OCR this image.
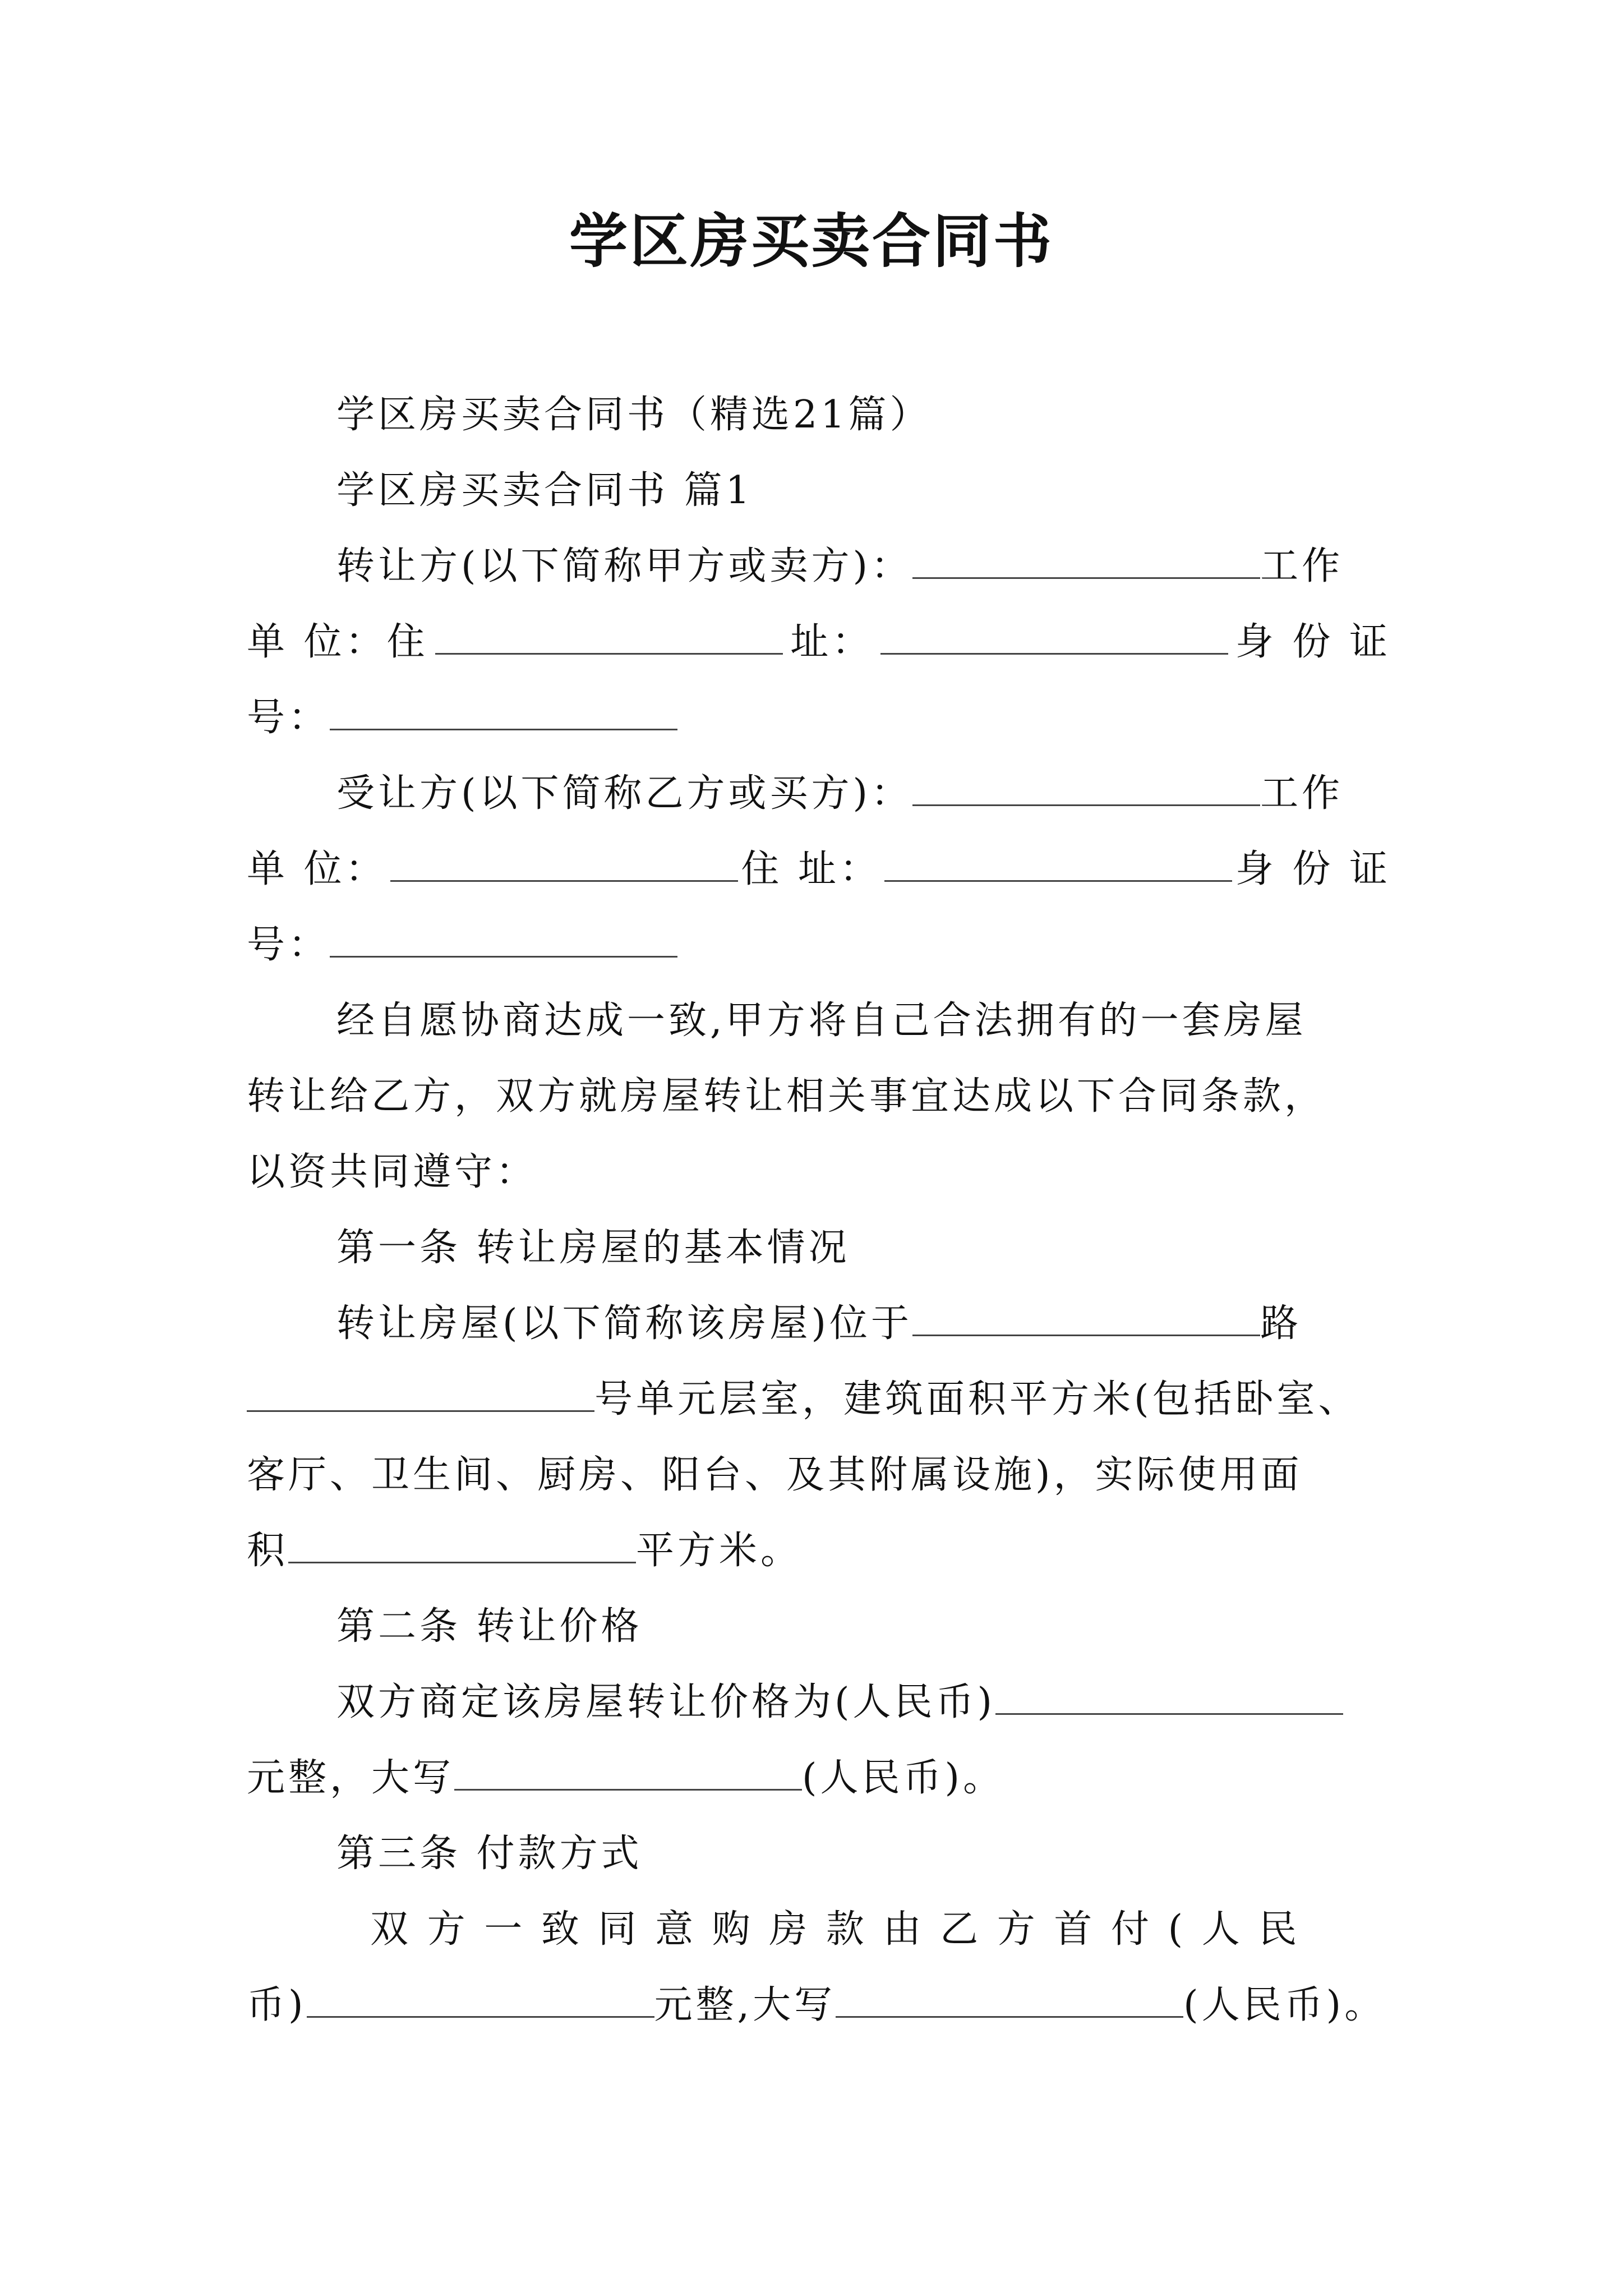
学区房买卖合同书
学区房买卖合同书（精选21篇）
学区房买卖合同书 篇1
转让方(以下简称甲方或卖方)：	工作
单 位：住	址：	身 份 证
号：
受让方(以下简称乙方或买方)：	工作
单 位：	住 址：	身 份 证
号：
经自愿协商达成一致,甲方将自己合法拥有的一套房屋
转让给乙方，双方就房屋转让相关事宜达成以下合同条款，
以资共同遵守：
第一条 转让房屋的基本情况
转让房屋(以下简称该房屋)位于	路
号单元层室，建筑面积平方米(包括卧室、
客厅、卫生间、厨房、阳台、及其附属设施)，实际使用面
积	平方米。
第二条 转让价格
双方商定该房屋转让价格为(人民币)
元整，大写	(人民币)。
第三条 付款方式
双 方 一 致 同 意 购 房 款 由 乙 方 首 付 ( 人 民
币)	元整,大写	(人民币)。
